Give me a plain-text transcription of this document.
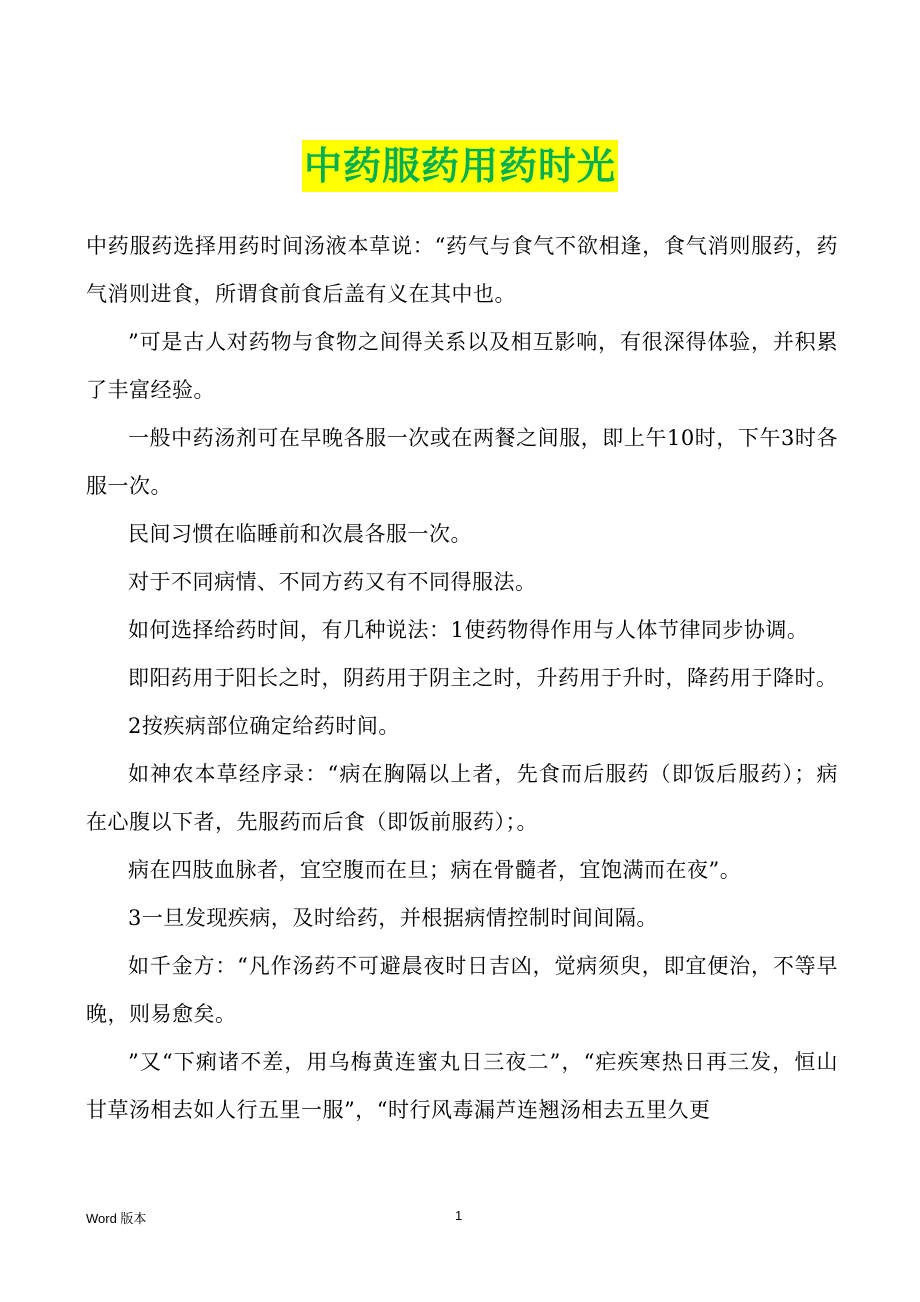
中药服药用药时光

中药服药选择用药时间汤液本草说：“药气与食气不欲相逢，食气消则服药，药气消则进食，所谓食前食后盖有义在其中也。

”可是古人对药物与食物之间得关系以及相互影响，有很深得体验，并积累了丰富经验。

一般中药汤剂可在早晚各服一次或在两餐之间服，即上午10时，下午3时各服一次。

民间习惯在临睡前和次晨各服一次。

对于不同病情、不同方药又有不同得服法。

如何选择给药时间，有几种说法：1使药物得作用与人体节律同步协调。

即阳药用于阳长之时，阴药用于阴主之时，升药用于升时，降药用于降时。

2按疾病部位确定给药时间。

如神农本草经序录：“病在胸隔以上者，先食而后服药（即饭后服药）；病在心腹以下者，先服药而后食（即饭前服药）；。

病在四肢血脉者，宜空腹而在旦；病在骨髓者，宜饱满而在夜”。

3一旦发现疾病，及时给药，并根据病情控制时间间隔。

如千金方：“凡作汤药不可避晨夜时日吉凶，觉病须臾，即宜便治，不等早晚，则易愈矣。

”又“下痢诸不差，用乌梅黄连蜜丸日三夜二”，“疟疾寒热日再三发，恒山甘草汤相去如人行五里一服”，“时行风毒漏芦连翘汤相去五里久更

Word 版本	1
